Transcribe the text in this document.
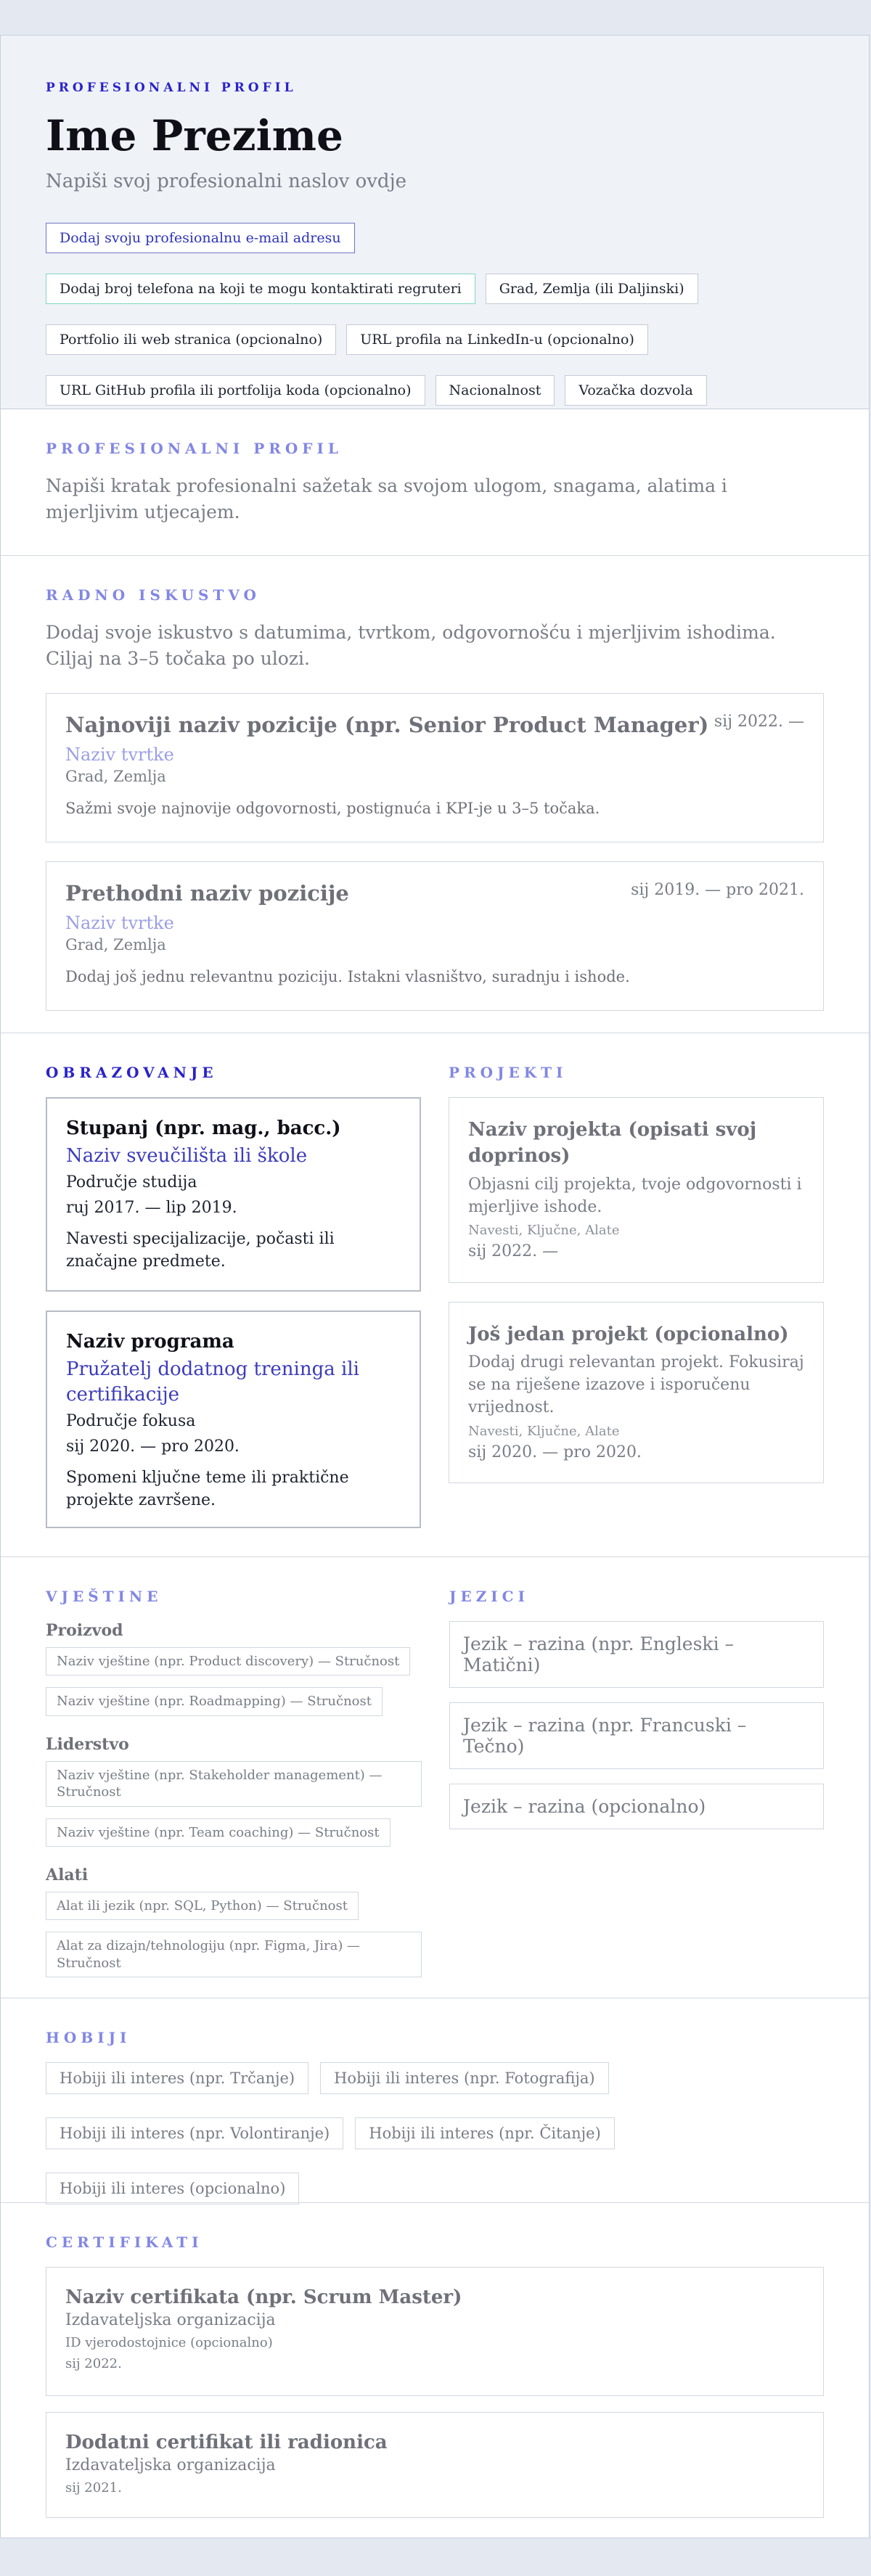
PROFESIONALNI PROFIL
Ime Prezime
Napiši svoj profesionalni naslov ovdje
Dodaj svoju profesionalnu e-mail adresu
Dodaj broj telefona na koji te mogu kontaktirati regruteri	Grad, Zemlja (ili Daljinski)
Portfolio ili web stranica (opcionalno)	URL profila na LinkedIn-u (opcionalno)
URL GitHub profila ili portfolija koda (opcionalno)	Nacionalnost	Vozačka dozvola
PROFESIONALNI PROFIL

Napiši kratak profesionalni sažetak sa svojom ulogom, snagama, alatima i mjerljivim utjecajem.

RADNO ISKUSTVO

Dodaj svoje iskustvo s datumima, tvrtkom, odgovornošću i mjerljivim ishodima. Ciljaj na 3–5 točaka po ulozi.

sij 2022. —
Najnoviji naziv pozicije (npr. Senior Product Manager)
Naziv tvrtke
Grad, Zemlja

Sažmi svoje najnovije odgovornosti, postignuća i KPI-je u 3–5 točaka.

sij 2019. — pro 2021.
Prethodni naziv pozicije
Naziv tvrtke
Grad, Zemlja

Dodaj još jednu relevantnu poziciju. Istakni vlasništvo, suradnju i ishode.

OBRAZOVANJE
Stupanj (npr. mag., bacc.)
Naziv sveučilišta ili škole
Područje studija
ruj 2017. — lip 2019.
Navesti specijalizacije, počasti ili značajne predmete.
Naziv programa
Pružatelj dodatnog treninga ili certifikacije
Područje fokusa
sij 2020. — pro 2020.
Spomeni ključne teme ili praktične projekte završene.
PROJEKTI
Naziv projekta (opisati svoj doprinos)
Objasni cilj projekta, tvoje odgovornosti i mjerljive ishode.
Navesti, Ključne, Alate
sij 2022. —
Još jedan projekt (opcionalno)
Dodaj drugi relevantan projekt. Fokusiraj se na riješene izazove i isporučenu vrijednost.
Navesti, Ključne, Alate
sij 2020. — pro 2020.
VJEŠTINE
Proizvod
Naziv vještine (npr. Product discovery) — Stručnost
Naziv vještine (npr. Roadmapping) — Stručnost
Liderstvo
Naziv vještine (npr. Stakeholder management) — Stručnost
Naziv vještine (npr. Team coaching) — Stručnost
Alati
Alat ili jezik (npr. SQL, Python) — Stručnost
Alat za dizajn/tehnologiju (npr. Figma, Jira) — Stručnost
JEZICI
Jezik – razina (npr. Engleski – Matični)
Jezik – razina (npr. Francuski – Tečno)
Jezik – razina (opcionalno)
HOBIJI
Hobiji ili interes (npr. Trčanje)	Hobiji ili interes (npr. Fotografija)
Hobiji ili interes (npr. Volontiranje)	Hobiji ili interes (npr. Čitanje)
Hobiji ili interes (opcionalno)
CERTIFIKATI
Naziv certifikata (npr. Scrum Master)
Izdavateljska organizacija
ID vjerodostojnice (opcionalno)
sij 2022.
Dodatni certifikat ili radionica
Izdavateljska organizacija
sij 2021.
